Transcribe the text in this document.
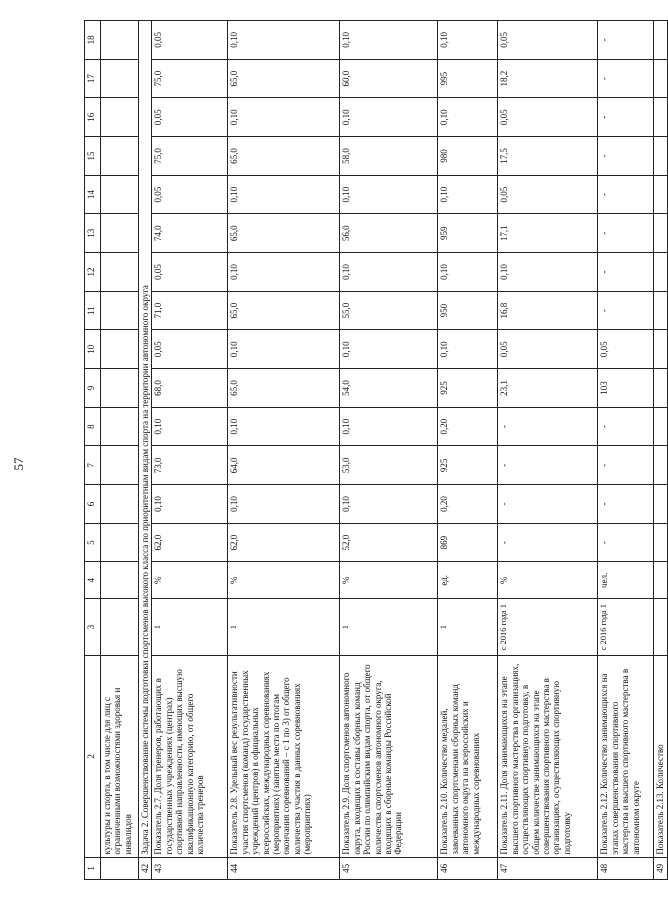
57
1	2	3	4	5	6	7	8	9	10	11	12	13	14	15	16	17	18
	культуры и спорта, в том числе для лиц с ограниченными возможностями здоровья и инвалидов																
42	Задача 2. Совершенствование системы подготовки спортсменов высокого класса по приоритетным видам спорта на территории автономного округа																
43	Показатель 2.7. Доля тренеров, работающих в государственных учреждениях (центрах) спортивной направленности, имеющих высшую квалификационную категорию, от общего количества тренеров	1	%	62,0	0,10	73,0	0,10	68,0	0,05	71,0	0,05	74,0	0,05	75,0	0,05	75,0	0,05
44	Показатель 2.8. Удельный вес результативности участия спортсменов (команд) государственных учреждений (центров) в официальных всероссийских, международных соревнованиях (мероприятиях) (занятые места по итогам окончания соревнований – с 1 по 3) от общего количества участия в данных соревнованиях (мероприятиях)	1	%	62,0	0,10	64,0	0,10	65,0	0,10	65,0	0,10	65,0	0,10	65,0	0,10	65,0	0,10
45	Показатель 2.9. Доля спортсменов автономного округа, входящих в составы сборных команд России по олимпийским видам спорта, от общего количества спортсменов автономного округа, входящих в сборные команды Российской Федерации	1	%	52,0	0,10	53,0	0,10	54,0	0,10	55,0	0,10	56,0	0,10	58,0	0,10	60,0	0,10
46	Показатель 2.10. Количество медалей, завоеванных спортсменами сборных команд автономного округа на всероссийских и международных соревнованиях	1	ед.	869	0,20	925	0,20	925	0,10	950	0,10	959	0,10	980	0,10	995	0,10
47	Показатель 2.11. Доля занимающихся на этапе высшего спортивного мастерства в организациях, осуществляющих спортивную подготовку, в общем количестве занимающихся на этапе совершенствования спортивного мастерства в организациях, осуществляющих спортивную подготовку	с 2016 года 1	%	-	-	-	-	23,1	0,05	16,8	0,10	17,1	0,05	17,5	0,05	18,2	0,05
48	Показатель 2.12. Количество занимающихся на этапах совершенствования спортивного мастерства и высшего спортивного мастерства в автономном округе	с 2016 года 1	чел.	-	-	-	-	103	0,05	-	-	-	-	-	-	-	-
49	Показатель 2.13. Количество																
